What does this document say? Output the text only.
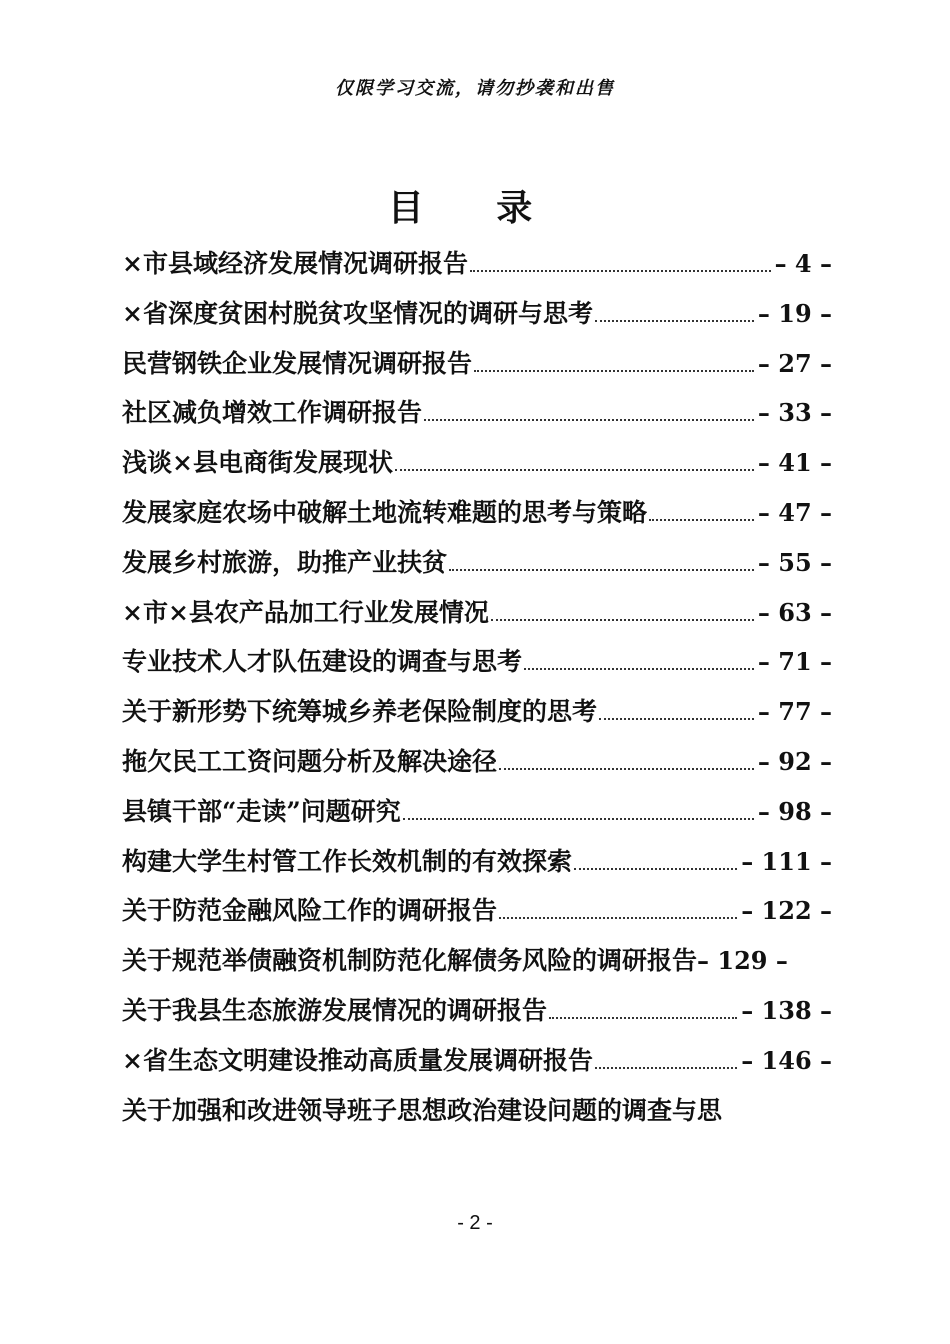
仅限学习交流，请勿抄袭和出售
目 录
×市县域经济发展情况调研报告	– 4 –
×省深度贫困村脱贫攻坚情况的调研与思考	– 19 –
民营钢铁企业发展情况调研报告	– 27 –
社区减负增效工作调研报告	– 33 –
浅谈×县电商街发展现状	– 41 –
发展家庭农场中破解土地流转难题的思考与策略	– 47 –
发展乡村旅游，助推产业扶贫	– 55 –
×市×县农产品加工行业发展情况	– 63 –
专业技术人才队伍建设的调查与思考	– 71 –
关于新形势下统筹城乡养老保险制度的思考	– 77 –
拖欠民工工资问题分析及解决途径	– 92 –
县镇干部“走读”问题研究	– 98 –
构建大学生村管工作长效机制的有效探索	– 111 –
关于防范金融风险工作的调研报告	– 122 –
关于规范举债融资机制防范化解债务风险的调研报告 – 129 –
关于我县生态旅游发展情况的调研报告	– 138 –
×省生态文明建设推动高质量发展调研报告	– 146 –
关于加强和改进领导班子思想政治建设问题的调查与思
- 2 -
